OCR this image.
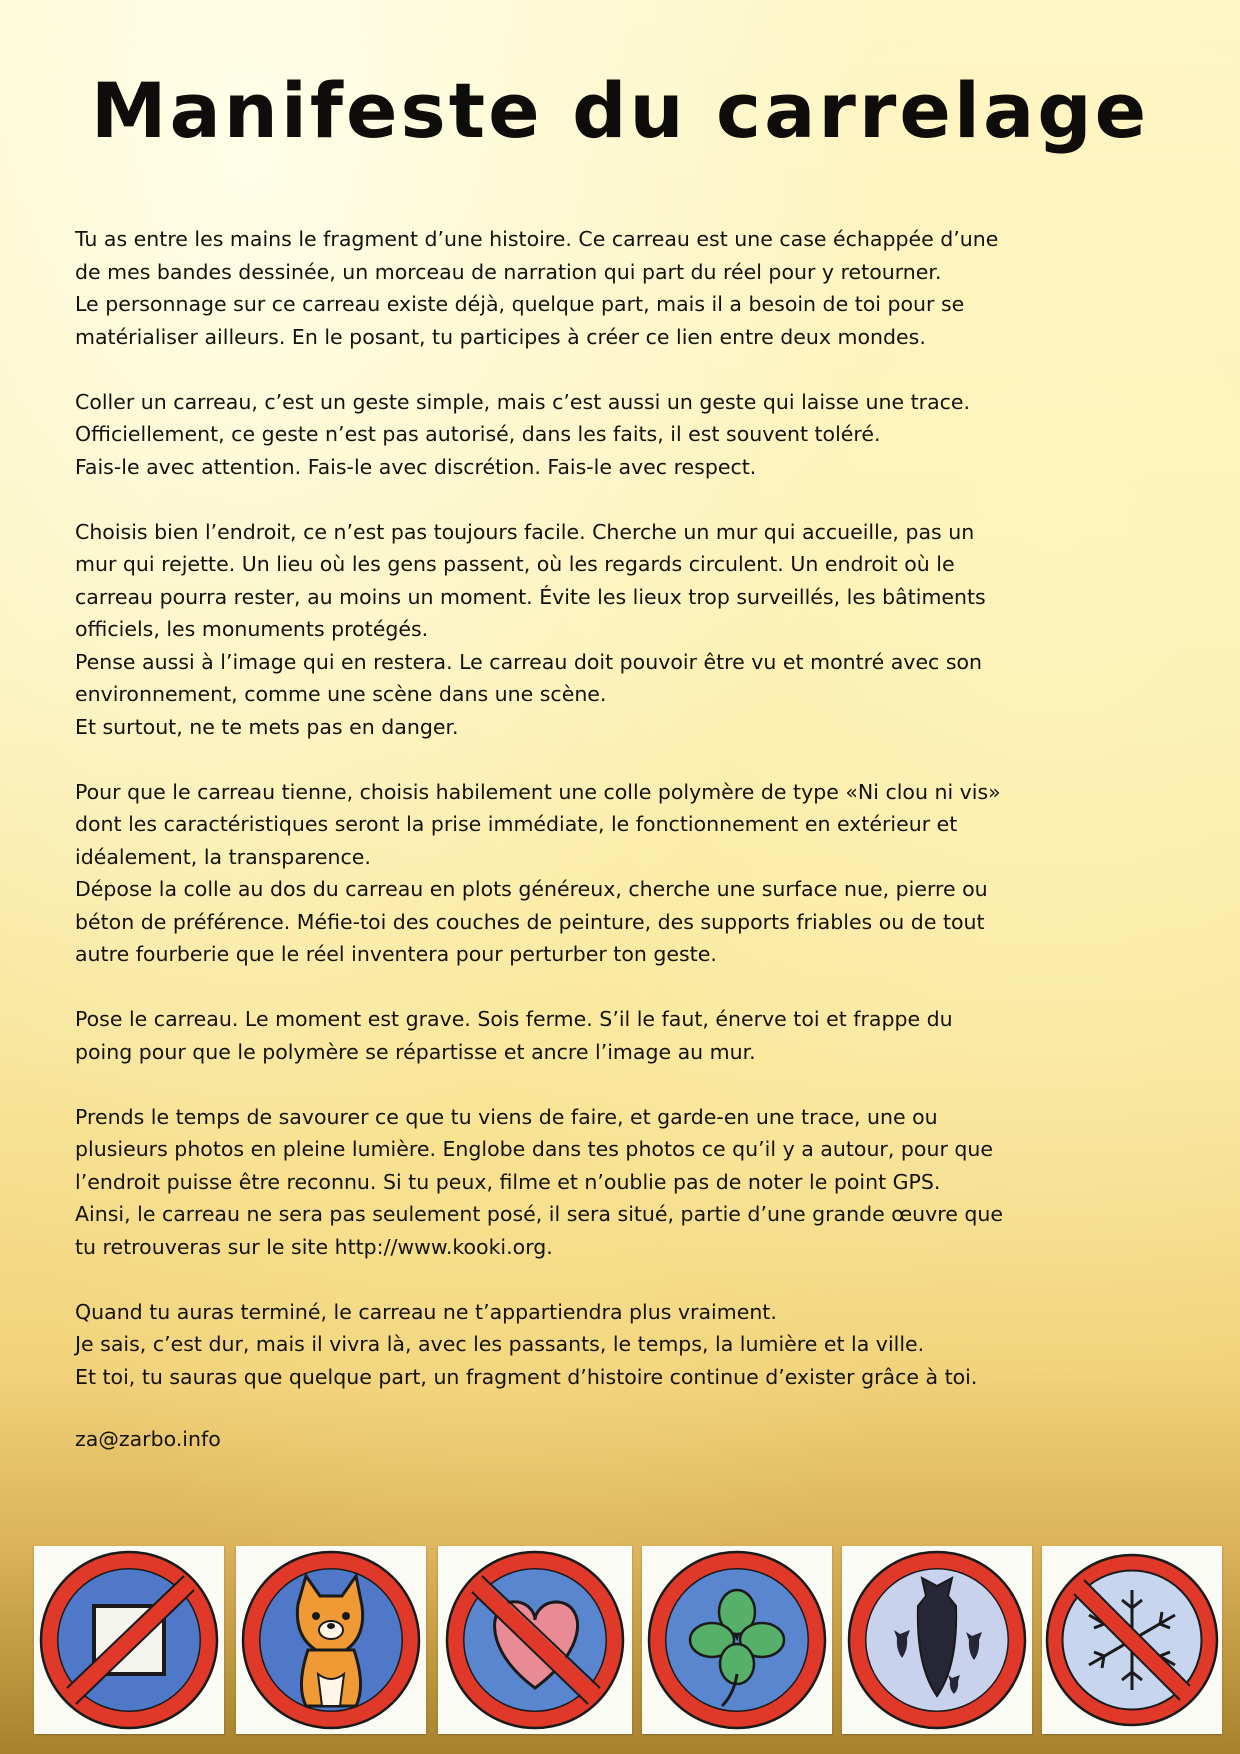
Manifeste du carrelage

Tu as entre les mains le fragment d’une histoire. Ce carreau est une case échappée d’une
de mes bandes dessinée, un morceau de narration qui part du réel pour y retourner.
Le personnage sur ce carreau existe déjà, quelque part, mais il a besoin de toi pour se
matérialiser ailleurs. En le posant, tu participes à créer ce lien entre deux mondes.

Coller un carreau, c’est un geste simple, mais c’est aussi un geste qui laisse une trace.
Officiellement, ce geste n’est pas autorisé, dans les faits, il est souvent toléré.
Fais-le avec attention. Fais-le avec discrétion. Fais-le avec respect.

Choisis bien l’endroit, ce n’est pas toujours facile. Cherche un mur qui accueille, pas un
mur qui rejette. Un lieu où les gens passent, où les regards circulent. Un endroit où le
carreau pourra rester, au moins un moment. Évite les lieux trop surveillés, les bâtiments
officiels, les monuments protégés.
Pense aussi à l’image qui en restera. Le carreau doit pouvoir être vu et montré avec son
environnement, comme une scène dans une scène.
Et surtout, ne te mets pas en danger.

Pour que le carreau tienne, choisis habilement une colle polymère de type «Ni clou ni vis»
dont les caractéristiques seront la prise immédiate, le fonctionnement en extérieur et
idéalement, la transparence.
Dépose la colle au dos du carreau en plots généreux, cherche une surface nue, pierre ou
béton de préférence. Méfie-toi des couches de peinture, des supports friables ou de tout
autre fourberie que le réel inventera pour perturber ton geste.

Pose le carreau. Le moment est grave. Sois ferme. S’il le faut, énerve toi et frappe du
poing pour que le polymère se répartisse et ancre l’image au mur.

Prends le temps de savourer ce que tu viens de faire, et garde-en une trace, une ou
plusieurs photos en pleine lumière. Englobe dans tes photos ce qu’il y a autour, pour que
l’endroit puisse être reconnu. Si tu peux, filme et n’oublie pas de noter le point GPS.
Ainsi, le carreau ne sera pas seulement posé, il sera situé, partie d’une grande œuvre que
tu retrouveras sur le site http://www.kooki.org.

Quand tu auras terminé, le carreau ne t’appartiendra plus vraiment.
Je sais, c’est dur, mais il vivra là, avec les passants, le temps, la lumière et la ville.
Et toi, tu sauras que quelque part, un fragment d’histoire continue d’exister grâce à toi.

za@zarbo.info
